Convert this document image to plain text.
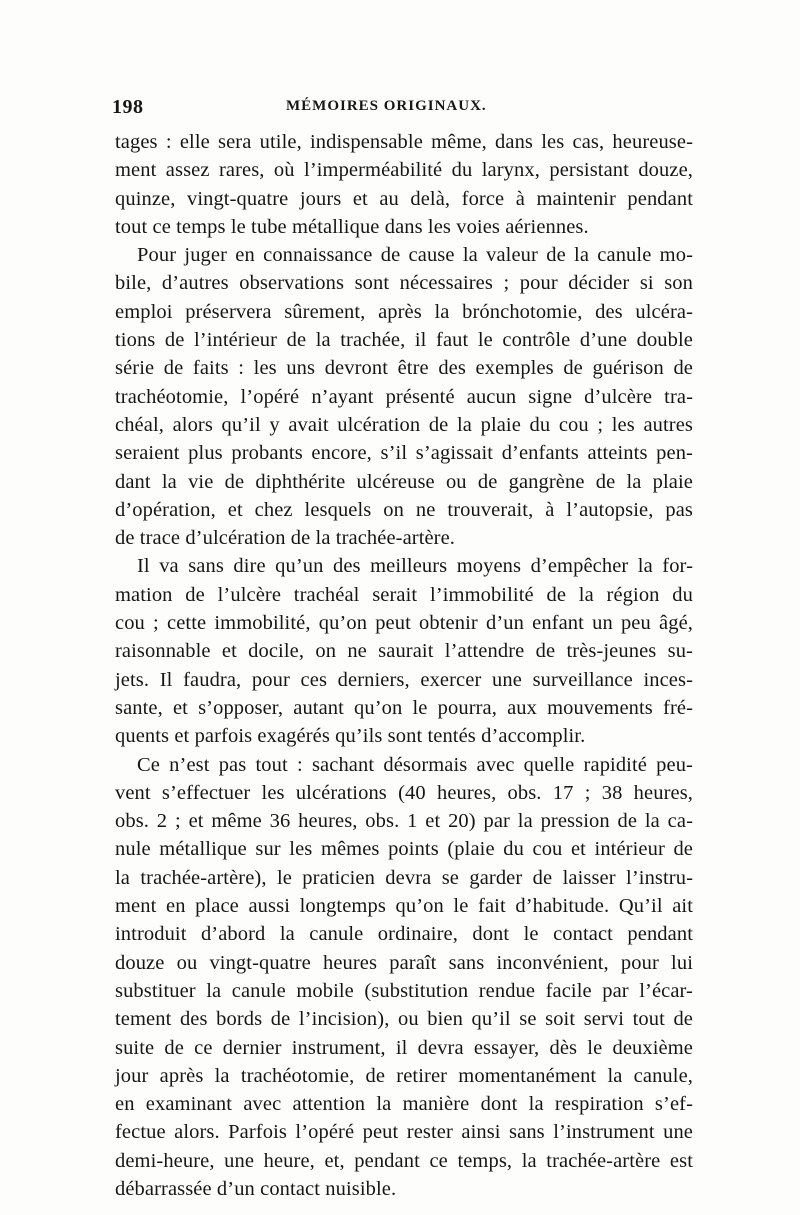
198	MÉMOIRES ORIGINAUX.

tages : elle sera utile, indispensable même, dans les cas, heureuse-
ment assez rares, où l’imperméabilité du larynx, persistant douze,
quinze, vingt-quatre jours et au delà, force à maintenir pendant
tout ce temps le tube métallique dans les voies aériennes.

Pour juger en connaissance de cause la valeur de la canule mo-
bile, d’autres observations sont nécessaires ; pour décider si son
emploi préservera sûrement, après la brónchotomie, des ulcéra-
tions de l’intérieur de la trachée, il faut le contrôle d’une double
série de faits : les uns devront être des exemples de guérison de
trachéotomie, l’opéré n’ayant présenté aucun signe d’ulcère tra-
chéal, alors qu’il y avait ulcération de la plaie du cou ; les autres
seraient plus probants encore, s’il s’agissait d’enfants atteints pen-
dant la vie de diphthérite ulcéreuse ou de gangrène de la plaie
d’opération, et chez lesquels on ne trouverait, à l’autopsie, pas
de trace d’ulcération de la trachée-artère.

Il va sans dire qu’un des meilleurs moyens d’empêcher la for-
mation de l’ulcère trachéal serait l’immobilité de la région du
cou ; cette immobilité, qu’on peut obtenir d’un enfant un peu âgé,
raisonnable et docile, on ne saurait l’attendre de très-jeunes su-
jets. Il faudra, pour ces derniers, exercer une surveillance inces-
sante, et s’opposer, autant qu’on le pourra, aux mouvements fré-
quents et parfois exagérés qu’ils sont tentés d’accomplir.

Ce n’est pas tout : sachant désormais avec quelle rapidité peu-
vent s’effectuer les ulcérations (40 heures, obs. 17 ; 38 heures,
obs. 2 ; et même 36 heures, obs. 1 et 20) par la pression de la ca-
nule métallique sur les mêmes points (plaie du cou et intérieur de
la trachée-artère), le praticien devra se garder de laisser l’instru-
ment en place aussi longtemps qu’on le fait d’habitude. Qu’il ait
introduit d’abord la canule ordinaire, dont le contact pendant
douze ou vingt-quatre heures paraît sans inconvénient, pour lui
substituer la canule mobile (substitution rendue facile par l’écar-
tement des bords de l’incision), ou bien qu’il se soit servi tout de
suite de ce dernier instrument, il devra essayer, dès le deuxième
jour après la trachéotomie, de retirer momentanément la canule,
en examinant avec attention la manière dont la respiration s’ef-
fectue alors. Parfois l’opéré peut rester ainsi sans l’instrument une
demi-heure, une heure, et, pendant ce temps, la trachée-artère est
débarrassée d’un contact nuisible.
